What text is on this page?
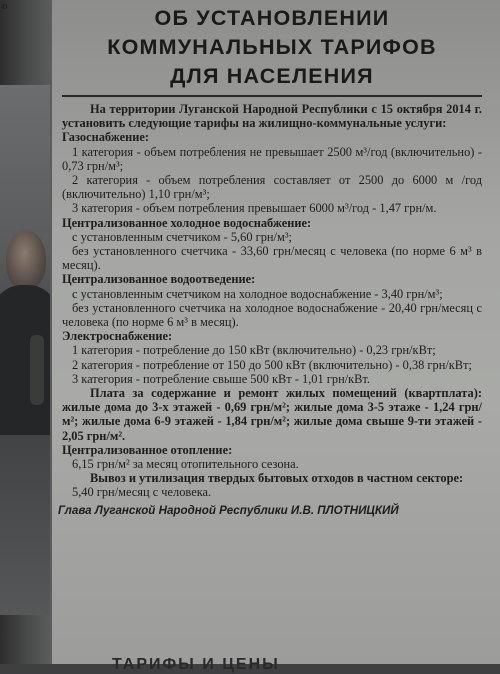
о	ОБ УСТАНОВЛЕНИИ
КОММУНАЛЬНЫХ ТАРИФОВ
ДЛЯ НАСЕЛЕНИЯ

На территории Луганской Народной Республики с 15 октября 2014 г. установить следующие тарифы на жилищно-коммунальные услуги:

Газоснабжение:

1 категория - объем потребления не превышает 2500 м³/год (включительно) - 0,73 грн/м³;

2 категория - объем потребления составляет от 2500 до 6000 м /год (включительно) 1,10 грн/м³;

3 категория - объем потребления превышает 6000 м³/год - 1,47 грн/м.

Централизованное холодное водоснабжение:

с установленным счетчиком - 5,60 грн/м³;

без установленного счетчика - 33,60 грн/месяц с человека (по норме 6 м³ в месяц).

Централизованное водоотведение:

с установленным счетчиком на холодное водоснабжение - 3,40 грн/м³;

без установленного счетчика на холодное водоснабжение - 20,40 грн/месяц с человека (по норме 6 м³ в месяц).

Электроснабжение:

1 категория - потребление до 150 кВт (включительно) - 0,23 грн/кВт;

2 категория - потребление от 150 до 500 кВт (включительно) - 0,38 грн/кВт;

3 категория - потребление свыше 500 кВт - 1,01 грн/кВт.

Плата за содержание и ремонт жилых помещений (квартплата): жилые дома до 3-х этажей - 0,69 грн/м²; жилые дома 3-5 этаже - 1,24 грн/м²; жилые дома 6-9 этажей - 1,84 грн/м²; жилые дома свыше 9-ти этажей - 2,05 грн/м².

Централизованное отопление:

6,15 грн/м² за месяц отопительного сезона.

Вывоз и утилизация твердых бытовых отходов в частном секторе:

5,40 грн/месяц с человека.

Глава Луганской Народной Республики И.В. ПЛОТНИЦКИЙ
ТАРИФЫ И ЦЕНЫ
